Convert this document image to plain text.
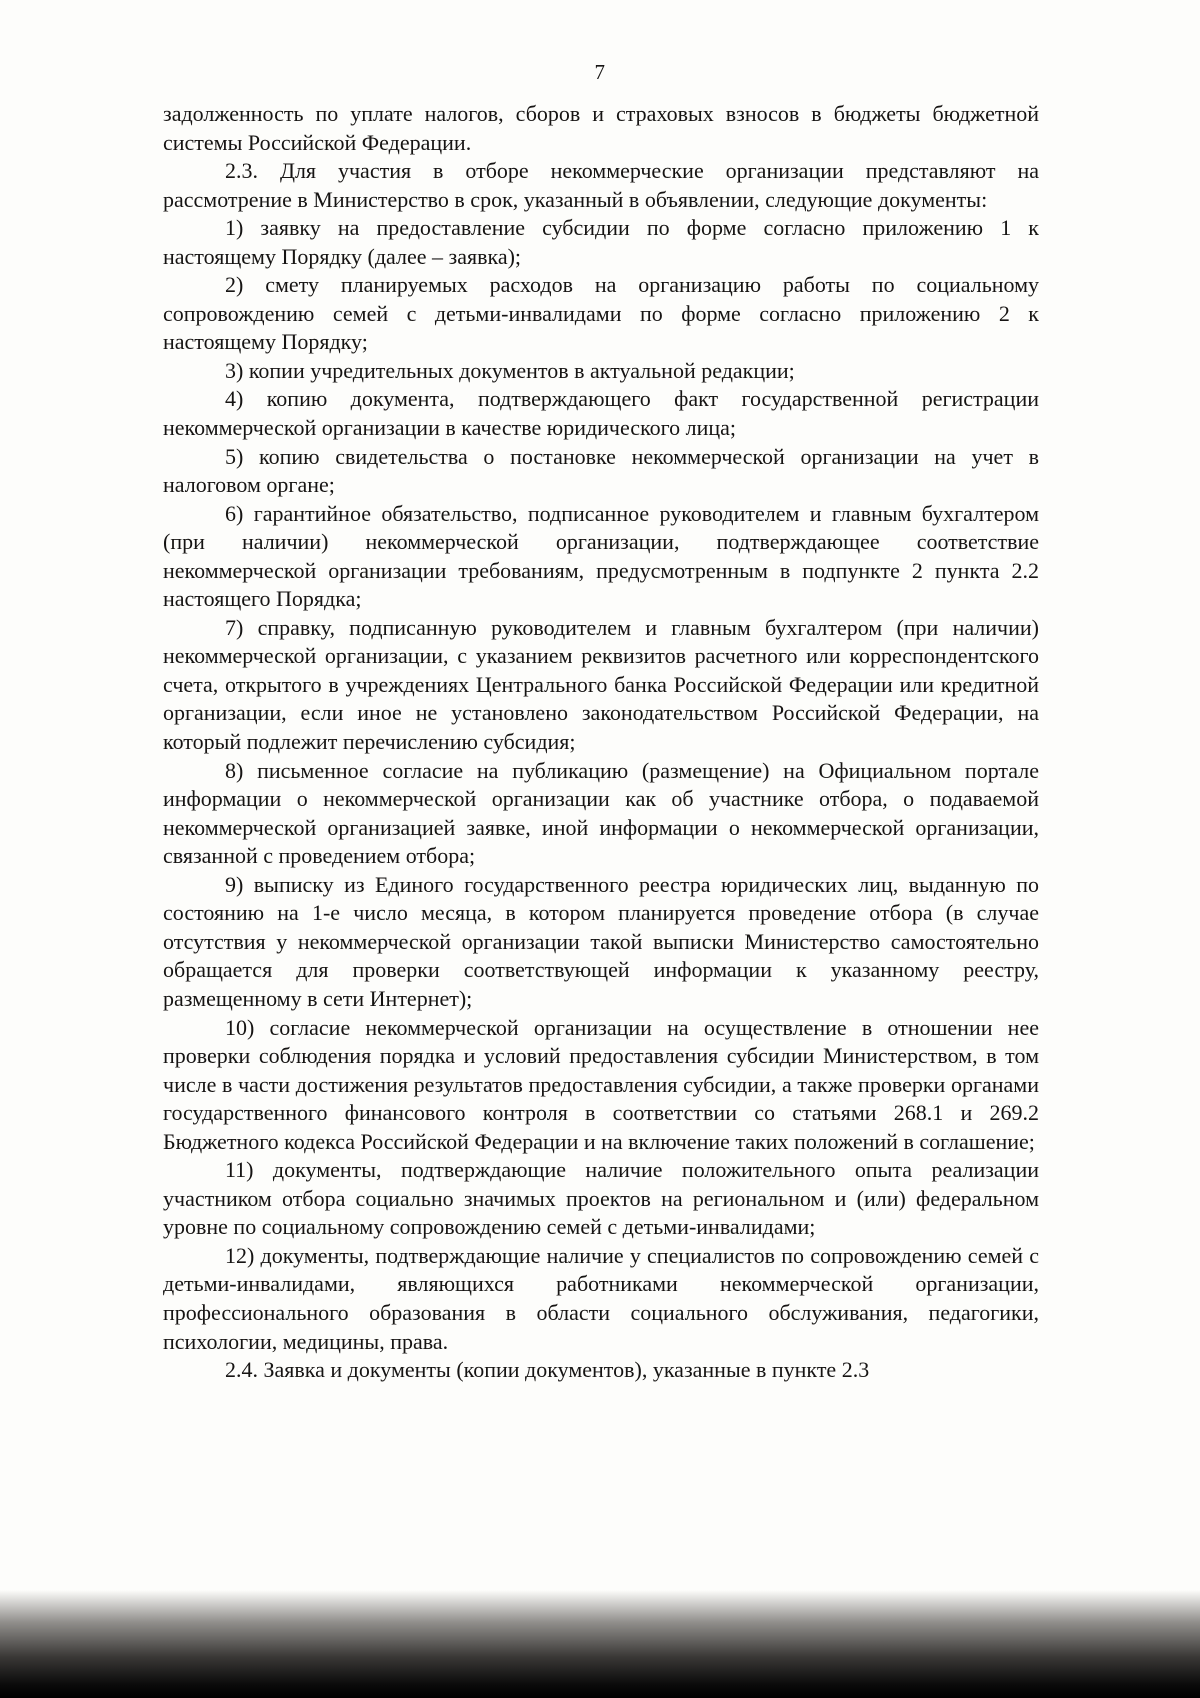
7

задолженность по уплате налогов, сборов и страховых взносов в бюджеты бюджетной системы Российской Федерации.

2.3. Для участия в отборе некоммерческие организации представляют на рассмотрение в Министерство в срок, указанный в объявлении, следующие документы:

1) заявку на предоставление субсидии по форме согласно приложению 1 к настоящему Порядку (далее – заявка);

2) смету планируемых расходов на организацию работы по социальному сопровождению семей с детьми-инвалидами по форме согласно приложению 2 к настоящему Порядку;

3) копии учредительных документов в актуальной редакции;

4) копию документа, подтверждающего факт государственной регистрации некоммерческой организации в качестве юридического лица;

5) копию свидетельства о постановке некоммерческой организации на учет в налоговом органе;

6) гарантийное обязательство, подписанное руководителем и главным бухгалтером (при наличии) некоммерческой организации, подтверждающее соответствие некоммерческой организации требованиям, предусмотренным в подпункте 2 пункта 2.2 настоящего Порядка;

7) справку, подписанную руководителем и главным бухгалтером (при наличии) некоммерческой организации, с указанием реквизитов расчетного или корреспондентского счета, открытого в учреждениях Центрального банка Российской Федерации или кредитной организации, если иное не установлено законодательством Российской Федерации, на который подлежит перечислению субсидия;

8) письменное согласие на публикацию (размещение) на Официальном портале информации о некоммерческой организации как об участнике отбора, о подаваемой некоммерческой организацией заявке, иной информации о некоммерческой организации, связанной с проведением отбора;

9) выписку из Единого государственного реестра юридических лиц, выданную по состоянию на 1-е число месяца, в котором планируется проведение отбора (в случае отсутствия у некоммерческой организации такой выписки Министерство самостоятельно обращается для проверки соответствующей информации к указанному реестру, размещенному в сети Интернет);

10) согласие некоммерческой организации на осуществление в отношении нее проверки соблюдения порядка и условий предоставления субсидии Министерством, в том числе в части достижения результатов предоставления субсидии, а также проверки органами государственного финансового контроля в соответствии со статьями 268.1 и 269.2 Бюджетного кодекса Российской Федерации и на включение таких положений в соглашение;

11) документы, подтверждающие наличие положительного опыта реализации участником отбора социально значимых проектов на региональном и (или) федеральном уровне по социальному сопровождению семей с детьми-инвалидами;

12) документы, подтверждающие наличие у специалистов по сопровождению семей с детьми-инвалидами, являющихся работниками некоммерческой организации, профессионального образования в области социального обслуживания, педагогики, психологии, медицины, права.

2.4. Заявка и документы (копии документов), указанные в пункте 2.3
